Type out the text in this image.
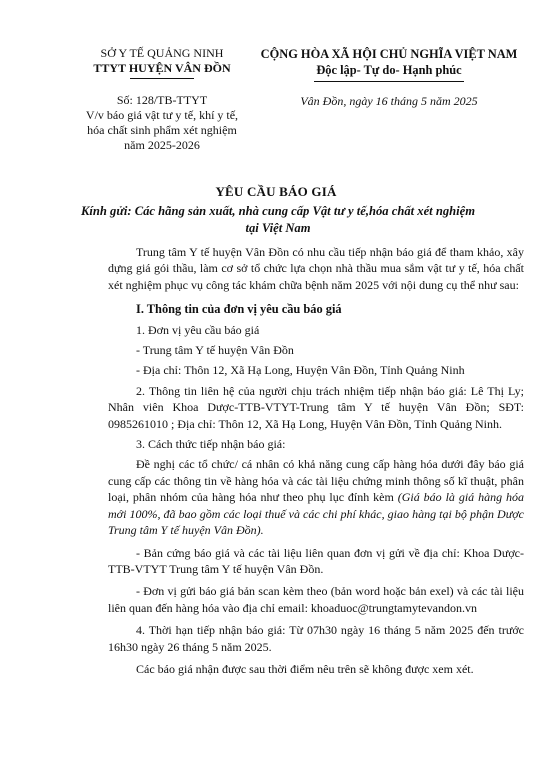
SỞ Y TẾ QUẢNG NINH
TTYT HUYỆN VÂN ĐỒN
Số: 128/TB-TTYT
V/v báo giá vật tư y tế, khí y tế,
hóa chất sinh phẩm xét nghiệm
năm 2025-2026
CỘNG HÒA XÃ HỘI CHỦ NGHĨA VIỆT NAM
Độc lập- Tự do- Hạnh phúc
Vân Đồn, ngày 16 tháng 5 năm 2025
YÊU CẦU BÁO GIÁ
Kính gửi: Các hãng sản xuất, nhà cung cấp Vật tư y tế,hóa chất xét nghiệm tại Việt Nam

Trung tâm Y tế huyện Vân Đồn có nhu cầu tiếp nhận báo giá để tham khảo, xây dựng giá gói thầu, làm cơ sở tổ chức lựa chọn nhà thầu mua sắm vật tư y tế, hóa chất xét nghiệm phục vụ công tác khám chữa bệnh năm 2025 với nội dung cụ thể như sau:

I. Thông tin của đơn vị yêu cầu báo giá

1. Đơn vị yêu cầu báo giá

- Trung tâm Y tế huyện Vân Đồn

- Địa chỉ: Thôn 12, Xã Hạ Long, Huyện Vân Đồn, Tỉnh Quảng Ninh

2. Thông tin liên hệ của người chịu trách nhiệm tiếp nhận báo giá: Lê Thị Ly; Nhân viên Khoa Dược-TTB-VTYT-Trung tâm Y tế huyện Vân Đồn; SĐT: 0985261010 ; Địa chỉ: Thôn 12, Xã Hạ Long, Huyện Vân Đồn, Tỉnh Quảng Ninh.

3. Cách thức tiếp nhận báo giá:

Đề nghị các tổ chức/ cá nhân có khả năng cung cấp hàng hóa dưới đây báo giá cung cấp các thông tin về hàng hóa và các tài liệu chứng minh thông số kĩ thuật, phân loại, phân nhóm của hàng hóa như theo phụ lục đính kèm (Giá báo là giá hàng hóa mới 100%, đã bao gồm các loại thuế và các chi phí khác, giao hàng tại bộ phận Dược Trung tâm Y tế huyện Vân Đồn).

- Bản cứng báo giá và các tài liệu liên quan đơn vị gửi về địa chỉ: Khoa Dược-TTB-VTYT Trung tâm Y tế huyện Vân Đồn.

- Đơn vị gửi báo giá bản scan kèm theo (bản word hoặc bản exel) và các tài liệu liên quan đến hàng hóa vào địa chỉ email: khoaduoc@trungtamytevandon.vn

4. Thời hạn tiếp nhận báo giá: Từ 07h30 ngày 16 tháng 5 năm 2025 đến trước 16h30 ngày 26 tháng 5 năm 2025.

Các báo giá nhận được sau thời điểm nêu trên sẽ không được xem xét.
